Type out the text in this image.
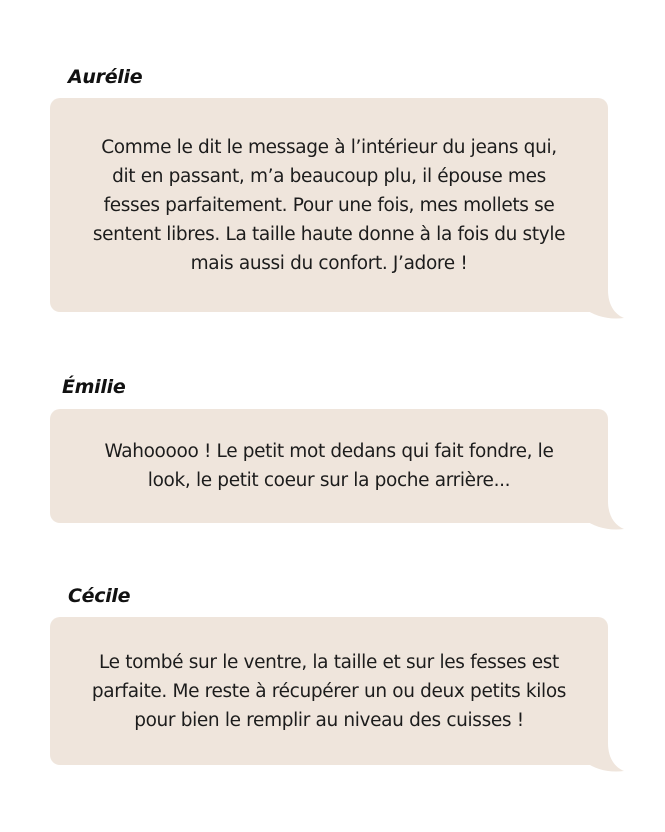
Aurélie

Comme le dit le message à l’intérieur du jeans qui, dit en passant, m’a beaucoup plu, il épouse mes fesses parfaitement. Pour une fois, mes mollets se sentent libres. La taille haute donne à la fois du style mais aussi du confort. J’adore !

Émilie

Wahooooo ! Le petit mot dedans qui fait fondre, le look, le petit coeur sur la poche arrière...

Cécile

Le tombé sur le ventre, la taille et sur les fesses est parfaite. Me reste à récupérer un ou deux petits kilos pour bien le remplir au niveau des cuisses !
